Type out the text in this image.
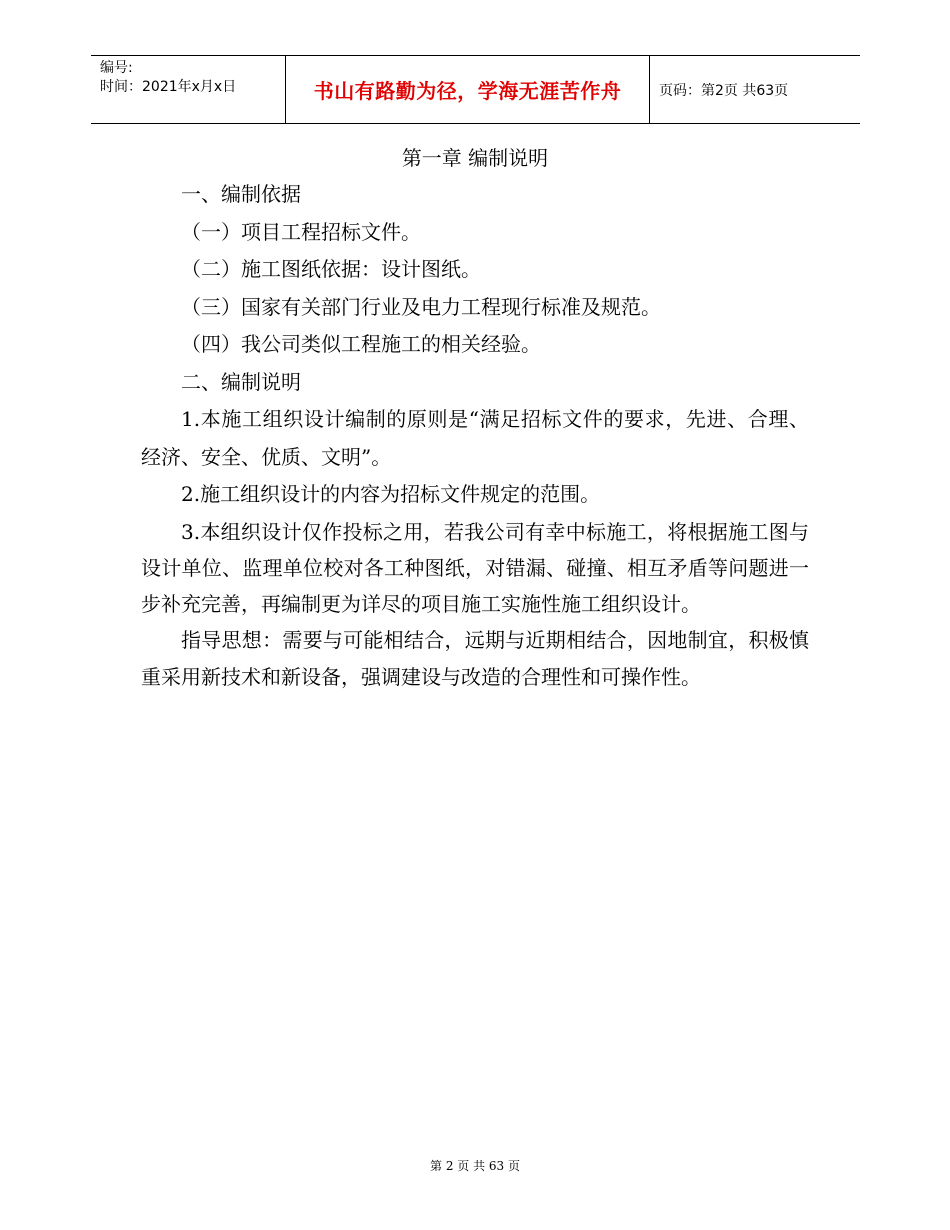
编号:
时间：2021年x月x日	书山有路勤为径，学海无涯苦作舟	页码：第2页 共63页
第一章 编制说明

一、编制依据

（一）项目工程招标文件。

（二）施工图纸依据：设计图纸。

（三）国家有关部门行业及电力工程现行标准及规范。

（四）我公司类似工程施工的相关经验。

二、编制说明

1.本施工组织设计编制的原则是“满足招标文件的要求，先进、合理、经济、安全、优质、文明”。

2.施工组织设计的内容为招标文件规定的范围。

3.本组织设计仅作投标之用，若我公司有幸中标施工，将根据施工图与设计单位、监理单位校对各工种图纸，对错漏、碰撞、相互矛盾等问题进一步补充完善，再编制更为详尽的项目施工实施性施工组织设计。

指导思想：需要与可能相结合，远期与近期相结合，因地制宜，积极慎重采用新技术和新设备，强调建设与改造的合理性和可操作性。

第 2 页 共 63 页
